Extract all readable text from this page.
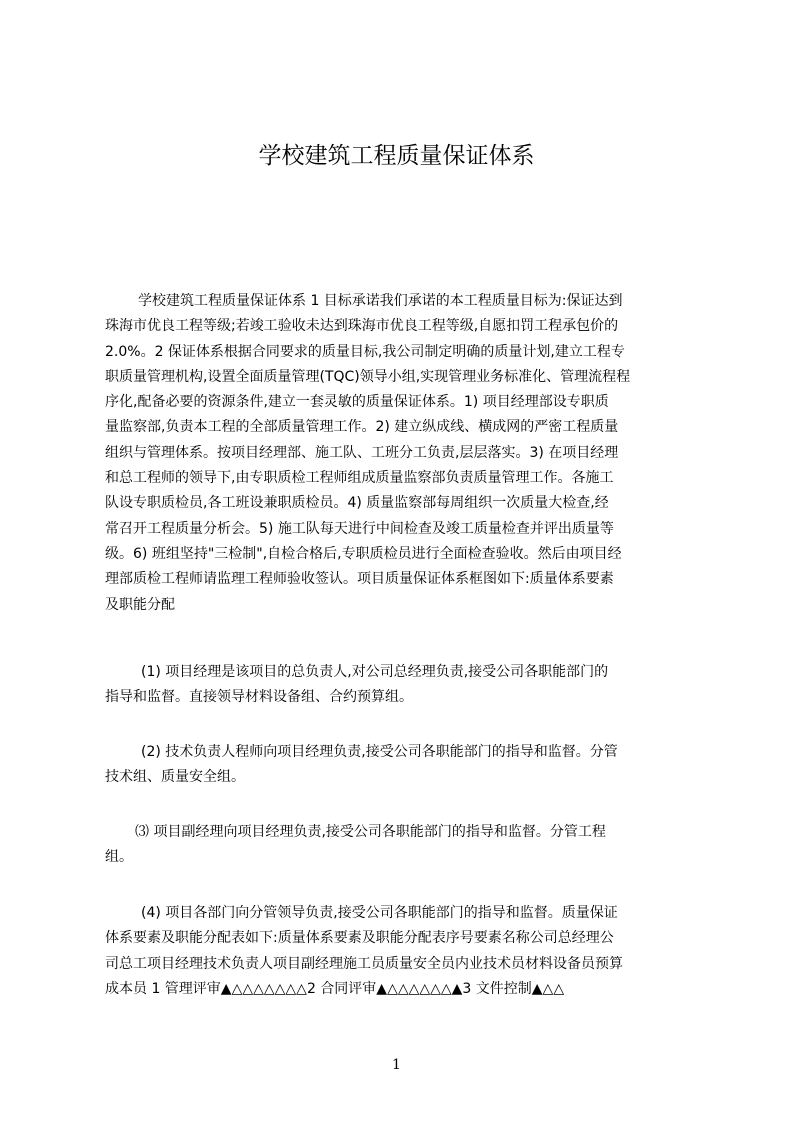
学校建筑工程质量保证体系
学校建筑工程质量保证体系 1 目标承诺我们承诺的本工程质量目标为:保证达到
珠海市优良工程等级;若竣工验收未达到珠海市优良工程等级,自愿扣罚工程承包价的
2.0%。2 保证体系根据合同要求的质量目标,我公司制定明确的质量计划,建立工程专
职质量管理机构,设置全面质量管理(TQC)领导小组,实现管理业务标准化、管理流程程
序化,配备必要的资源条件,建立一套灵敏的质量保证体系。1) 项目经理部设专职质
量监察部,负责本工程的全部质量管理工作。2) 建立纵成线、横成网的严密工程质量
组织与管理体系。按项目经理部、施工队、工班分工负责,层层落实。3) 在项目经理
和总工程师的领导下,由专职质检工程师组成质量监察部负责质量管理工作。各施工
队设专职质检员,各工班设兼职质检员。4) 质量监察部每周组织一次质量大检查,经
常召开工程质量分析会。5) 施工队每天进行中间检查及竣工质量检查并评出质量等
级。6) 班组坚持"三检制",自检合格后,专职质检员进行全面检查验收。然后由项目经
理部质检工程师请监理工程师验收签认。项目质量保证体系框图如下:质量体系要素
及职能分配
(1) 项目经理是该项目的总负责人,对公司总经理负责,接受公司各职能部门的
指导和监督。直接领导材料设备组、合约预算组。
(2) 技术负责人程师向项目经理负责,接受公司各职能部门的指导和监督。分管
技术组、质量安全组。
⑶ 项目副经理向项目经理负责,接受公司各职能部门的指导和监督。分管工程
组。
(4) 项目各部门向分管领导负责,接受公司各职能部门的指导和监督。质量保证
体系要素及职能分配表如下:质量体系要素及职能分配表序号要素名称公司总经理公
司总工项目经理技术负责人项目副经理施工员质量安全员内业技术员材料设备员预算
成本员 1 管理评审▲△△△△△△△2 合同评审▲△△△△△△▲3 文件控制▲△△
1
